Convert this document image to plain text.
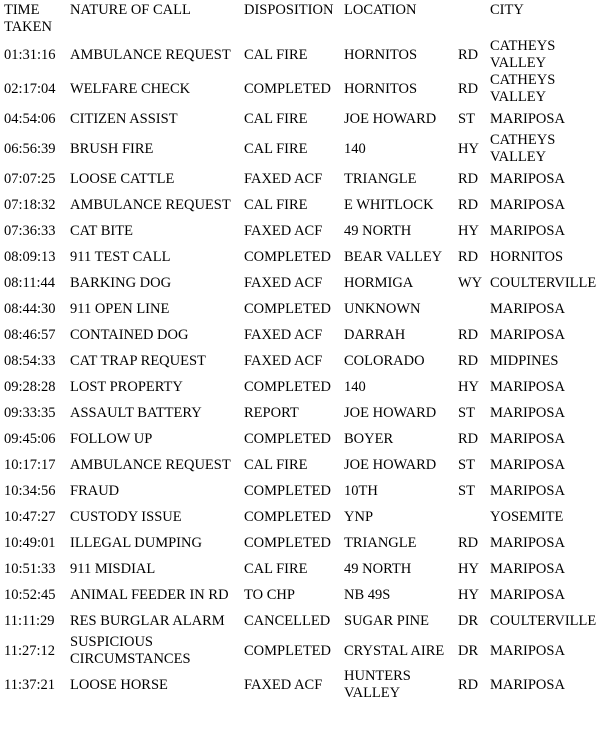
TIME TAKEN	NATURE OF CALL	DISPOSITION	LOCATION		CITY
01:31:16	AMBULANCE REQUEST	CAL FIRE	HORNITOS	RD	CATHEYS VALLEY
02:17:04	WELFARE CHECK	COMPLETED	HORNITOS	RD	CATHEYS VALLEY
04:54:06	CITIZEN ASSIST	CAL FIRE	JOE HOWARD	ST	MARIPOSA
06:56:39	BRUSH FIRE	CAL FIRE	140	HY	CATHEYS VALLEY
07:07:25	LOOSE CATTLE	FAXED ACF	TRIANGLE	RD	MARIPOSA
07:18:32	AMBULANCE REQUEST	CAL FIRE	E WHITLOCK	RD	MARIPOSA
07:36:33	CAT BITE	FAXED ACF	49 NORTH	HY	MARIPOSA
08:09:13	911 TEST CALL	COMPLETED	BEAR VALLEY	RD	HORNITOS
08:11:44	BARKING DOG	FAXED ACF	HORMIGA	WY	COULTERVILLE
08:44:30	911 OPEN LINE	COMPLETED	UNKNOWN		MARIPOSA
08:46:57	CONTAINED DOG	FAXED ACF	DARRAH	RD	MARIPOSA
08:54:33	CAT TRAP REQUEST	FAXED ACF	COLORADO	RD	MIDPINES
09:28:28	LOST PROPERTY	COMPLETED	140	HY	MARIPOSA
09:33:35	ASSAULT BATTERY	REPORT	JOE HOWARD	ST	MARIPOSA
09:45:06	FOLLOW UP	COMPLETED	BOYER	RD	MARIPOSA
10:17:17	AMBULANCE REQUEST	CAL FIRE	JOE HOWARD	ST	MARIPOSA
10:34:56	FRAUD	COMPLETED	10TH	ST	MARIPOSA
10:47:27	CUSTODY ISSUE	COMPLETED	YNP		YOSEMITE
10:49:01	ILLEGAL DUMPING	COMPLETED	TRIANGLE	RD	MARIPOSA
10:51:33	911 MISDIAL	CAL FIRE	49 NORTH	HY	MARIPOSA
10:52:45	ANIMAL FEEDER IN RD	TO CHP	NB 49S	HY	MARIPOSA
11:11:29	RES BURGLAR ALARM	CANCELLED	SUGAR PINE	DR	COULTERVILLE
11:27:12	SUSPICIOUS CIRCUMSTANCES	COMPLETED	CRYSTAL AIRE	DR	MARIPOSA
11:37:21	LOOSE HORSE	FAXED ACF	HUNTERS VALLEY	RD	MARIPOSA
